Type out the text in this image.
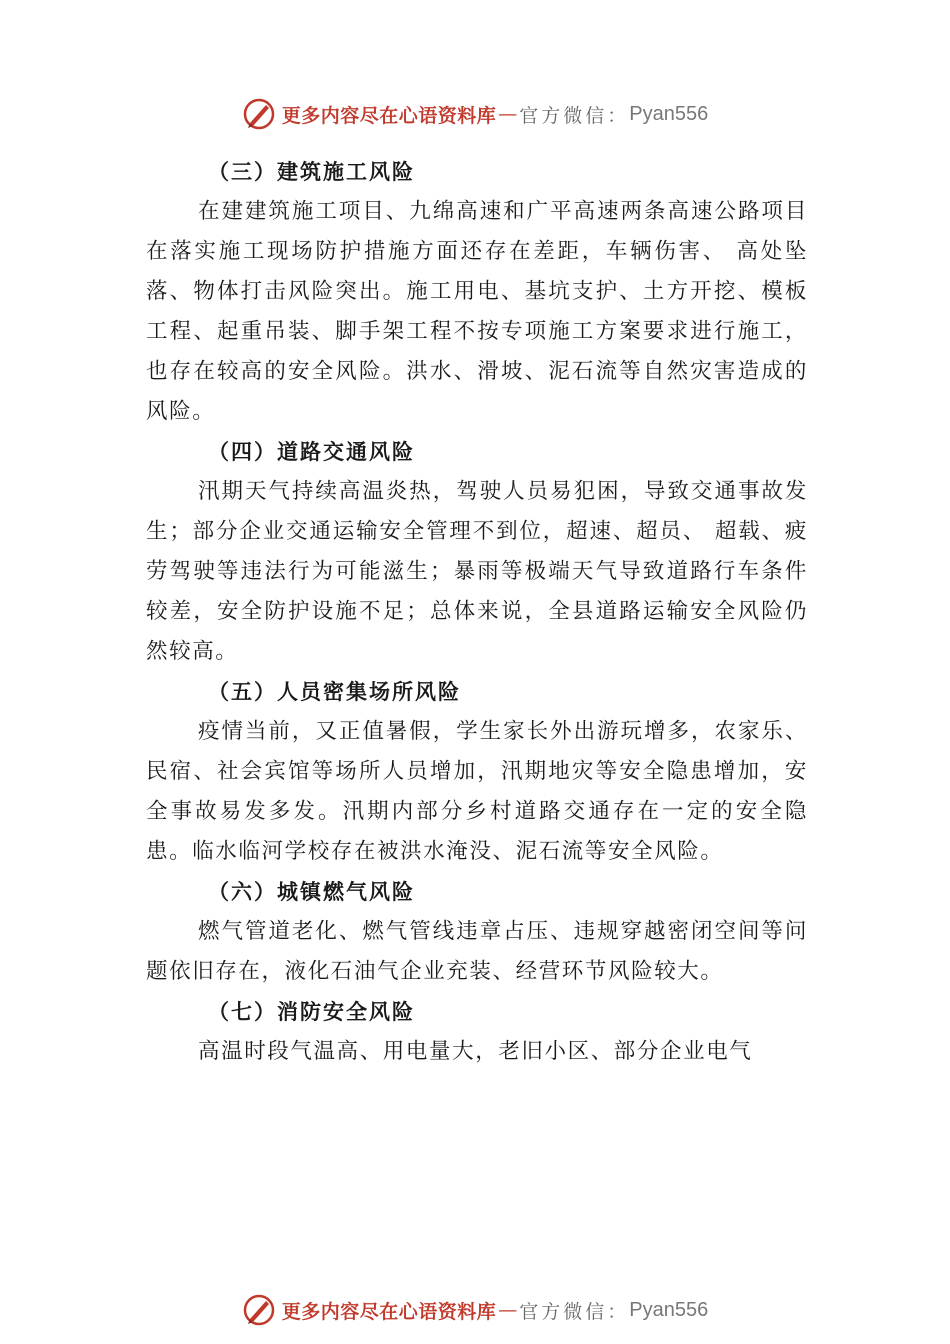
更多内容尽在心语资料库 — 官方微信： Pyan556
（三）建筑施工风险

在建建筑施工项目、九绵高速和广平高速两条高速公路项目在落实施工现场防护措施方面还存在差距，车辆伤害、 高处坠落、物体打击风险突出。施工用电、基坑支护、土方开挖、模板工程、起重吊装、脚手架工程不按专项施工方案要求进行施工，也存在较高的安全风险。洪水、滑坡、泥石流等自然灾害造成的风险。

（四）道路交通风险

汛期天气持续高温炎热，驾驶人员易犯困，导致交通事故发生；部分企业交通运输安全管理不到位，超速、超员、 超载、疲劳驾驶等违法行为可能滋生；暴雨等极端天气导致道路行车条件较差，安全防护设施不足；总体来说，全县道路运输安全风险仍然较高。

（五）人员密集场所风险

疫情当前，又正值暑假，学生家长外出游玩增多，农家乐、民宿、社会宾馆等场所人员增加，汛期地灾等安全隐患增加，安全事故易发多发。汛期内部分乡村道路交通存在一定的安全隐患。临水临河学校存在被洪水淹没、泥石流等安全风险。

（六）城镇燃气风险

燃气管道老化、燃气管线违章占压、违规穿越密闭空间等问题依旧存在，液化石油气企业充装、经营环节风险较大。

（七）消防安全风险

高温时段气温高、用电量大，老旧小区、部分企业电气

更多内容尽在心语资料库 — 官方微信： Pyan556
